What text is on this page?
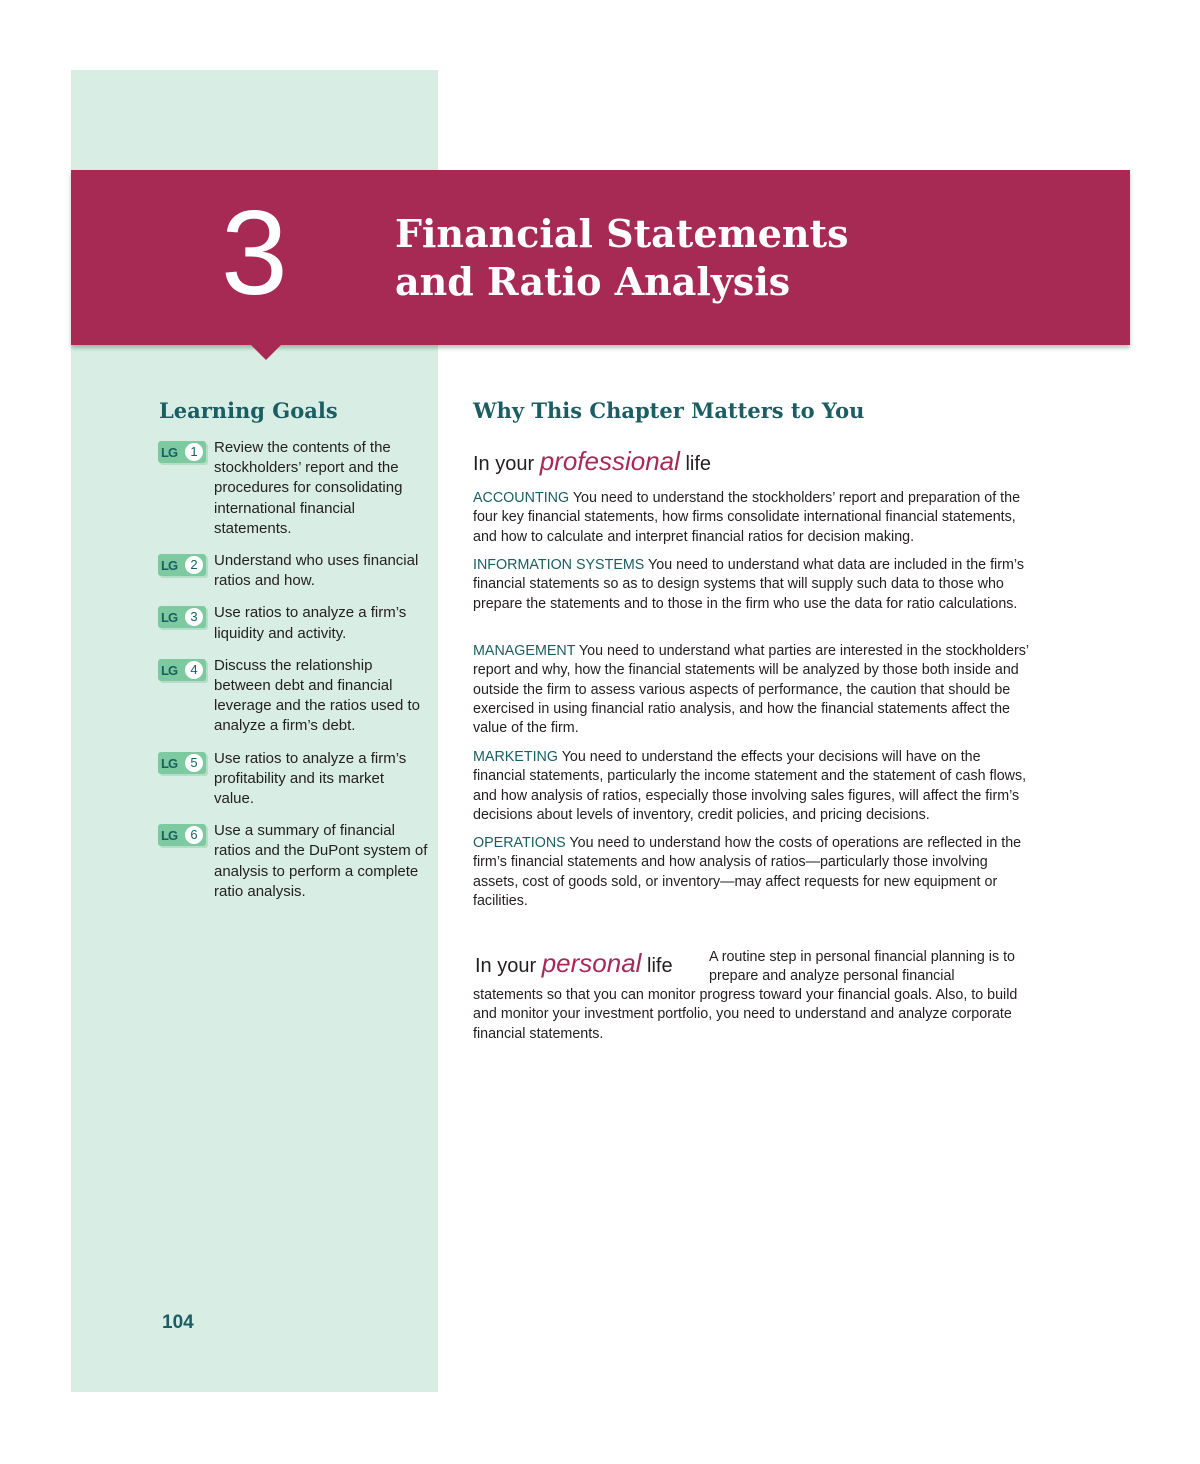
3	Financial Statements
and Ratio Analysis
Learning Goals
LG	1	Review the contents of the stockholders’ report and the procedures for consolidating international financial statements.
LG	2	Understand who uses financial ratios and how.
LG	3	Use ratios to analyze a firm’s liquidity and activity.
LG	4	Discuss the relationship between debt and financial leverage and the ratios used to analyze a firm’s debt.
LG	5	Use ratios to analyze a firm’s profitability and its market value.
LG	6	Use a summary of financial ratios and the DuPont system of analysis to perform a complete ratio analysis.
104
Why This Chapter Matters to You
In your professional life
ACCOUNTING You need to understand the stockholders’ report and preparation of the four key financial statements, how firms consolidate international financial statements, and how to calculate and interpret financial ratios for decision making.
INFORMATION SYSTEMS You need to understand what data are included in the firm’s financial statements so as to design systems that will supply such data to those who prepare the statements and to those in the firm who use the data for ratio calculations.
MANAGEMENT You need to understand what parties are interested in the stockholders’ report and why, how the financial statements will be analyzed by those both inside and outside the firm to assess various aspects of performance, the caution that should be exercised in using financial ratio analysis, and how the financial statements affect the value of the firm.
MARKETING You need to understand the effects your decisions will have on the financial statements, particularly the income statement and the statement of cash flows, and how analysis of ratios, especially those involving sales figures, will affect the firm’s decisions about levels of inventory, credit policies, and pricing decisions.
OPERATIONS You need to understand how the costs of operations are reflected in the firm’s financial statements and how analysis of ratios—particularly those involving assets, cost of goods sold, or inventory—may affect requests for new equipment or facilities.
In your personal life	A routine step in personal financial planning is to prepare and analyze personal financial
statements so that you can monitor progress toward your financial goals. Also, to build and monitor your investment portfolio, you need to understand and analyze corporate financial statements.
